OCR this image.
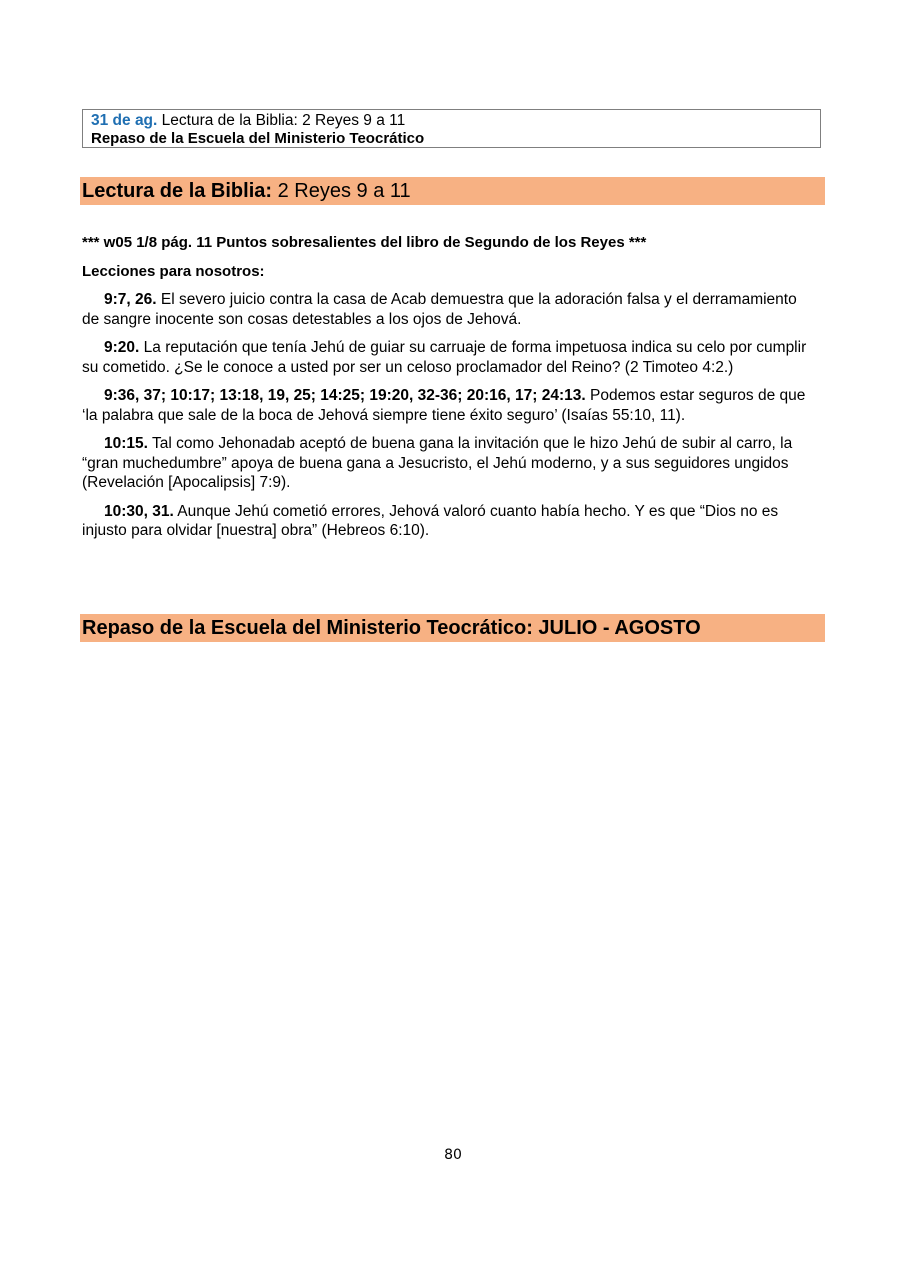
31 de ag. Lectura de la Biblia: 2 Reyes 9 a 11
Repaso de la Escuela del Ministerio Teocrático
Lectura de la Biblia: 2 Reyes 9 a 11

*** w05 1/8 pág. 11 Puntos sobresalientes del libro de Segundo de los Reyes ***

Lecciones para nosotros:

9:7, 26. El severo juicio contra la casa de Acab demuestra que la adoración falsa y el derramamiento de sangre inocente son cosas detestables a los ojos de Jehová.

9:20. La reputación que tenía Jehú de guiar su carruaje de forma impetuosa indica su celo por cumplir su cometido. ¿Se le conoce a usted por ser un celoso proclamador del Reino? (2 Timoteo 4:2.)

9:36, 37; 10:17; 13:18, 19, 25; 14:25; 19:20, 32-36; 20:16, 17; 24:13. Podemos estar seguros de que ‘la palabra que sale de la boca de Jehová siempre tiene éxito seguro’ (Isaías 55:10, 11).

10:15. Tal como Jehonadab aceptó de buena gana la invitación que le hizo Jehú de subir al carro, la “gran muchedumbre” apoya de buena gana a Jesucristo, el Jehú moderno, y a sus seguidores ungidos (Revelación [Apocalipsis] 7:9).

10:30, 31. Aunque Jehú cometió errores, Jehová valoró cuanto había hecho. Y es que “Dios no es injusto para olvidar [nuestra] obra” (Hebreos 6:10).

Repaso de la Escuela del Ministerio Teocrático: JULIO - AGOSTO
80
